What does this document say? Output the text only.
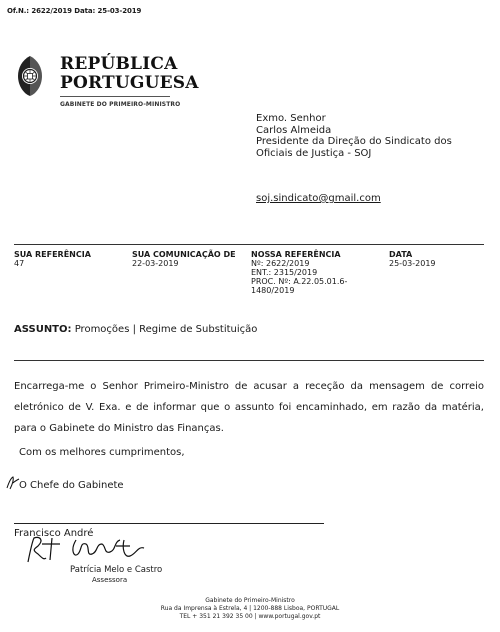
Of.N.: 2622/2019 Data: 25-03-2019
REPÚBLICA
PORTUGUESA
GABINETE DO PRIMEIRO-MINISTRO
Exmo. Senhor
Carlos Almeida
Presidente da Direção do Sindicato dos
Oficiais de Justiça - SOJ
soj.sindicato@gmail.com
SUA REFERÊNCIA
47
SUA COMUNICAÇÃO DE
22-03-2019
NOSSA REFERÊNCIA
Nº: 2622/2019
ENT.: 2315/2019
PROC. Nº: A.22.05.01.6-
1480/2019
DATA
25-03-2019
ASSUNTO: Promoções | Regime de Substituição
Encarrega-me o Senhor Primeiro-Ministro de acusar a receção da mensagem de correio eletrónico de V. Exa. e de informar que o assunto foi encaminhado, em razão da matéria, para o Gabinete do Ministro das Finanças.
Com os melhores cumprimentos,
O Chefe do Gabinete
Francisco André
Patrícia Melo e Castro
Assessora
Gabinete do Primeiro-Ministro
Rua da Imprensa à Estrela, 4 | 1200-888 Lisboa, PORTUGAL
TEL + 351 21 392 35 00 | www.portugal.gov.pt
